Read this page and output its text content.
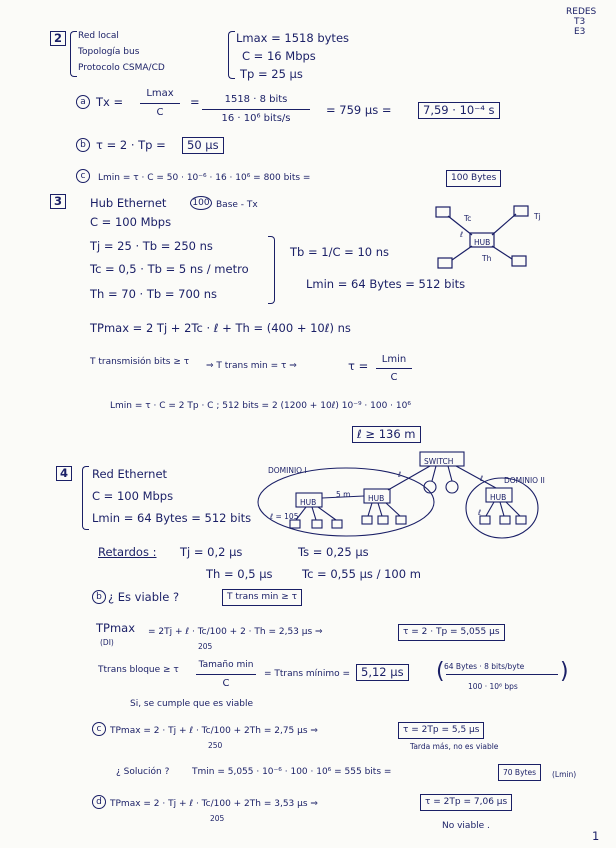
REDES
T3
E3
2	Red local
Topología bus
Protocolo CSMA/CD
Lmax = 1518 bytes
C = 16 Mbps
Tp = 25 μs
a Tx =
Lmax
C
=	1518 · 8 bits
16 · 10⁶ bits/s
= 759 μs =	7,59 · 10⁻⁴ s
b τ = 2 · Tp =	50 μs
c	Lmin = τ · C = 50 · 10⁻⁶ · 16 · 10⁶ = 800 bits =	100 Bytes
3	Hub Ethernet	100 Base - Tx
C = 100 Mbps
Tj = 25 · Tb = 250 ns
Tc = 0,5 · Tb = 5 ns / metro
Th = 70 · Tb = 700 ns
Tb = 1/C = 10 ns
Lmin = 64 Bytes = 512 bits
HUB
Tc	Tj
Th
ℓ
TPmax = 2 Tj + 2Tc · ℓ + Th = (400 + 10ℓ) ns
T transmisión bits ≥ τ ⇒ T trans min = τ ⇒	τ =	Lmin
C
Lmin = τ · C = 2 Tp · C ; 512 bits = 2 (1200 + 10ℓ) 10⁻⁹ · 100 · 10⁶
ℓ ≥ 136 m
4	Red Ethernet
C = 100 Mbps
Lmin = 64 Bytes = 512 bits
SWITCH
DOMINIO I
DOMINIO II
HUB	HUB	HUB
5 m
ℓ	ℓ
ℓ = 105	ℓ
Retardos : Tj = 0,2 μs	Ts = 0,25 μs
Th = 0,5 μs	Tc = 0,55 μs / 100 m
b ¿ Es viable ?	T trans min ≥ τ
TPmax
(DI)
= 2Tj + ℓ · Tc/100 + 2 · Th = 2,53 μs ⇒
205
τ = 2 · Tp = 5,055 μs
Ttrans bloque ≥ τ	Tamaño min
C
= Ttrans mínimo = 5,12 μs ( 64 Bytes · 8 bits/byte
100 · 10⁶ bps
)
Si, se cumple que es viable
c TPmax = 2 · Tj + ℓ · Tc/100 + 2Th = 2,75 μs ⇒
250
τ = 2Tp = 5,5 μs
Tarda más, no es viable
¿ Solución ?	Tmin = 5,055 · 10⁻⁶ · 100 · 10⁶ = 555 bits =	70 Bytes	(Lmin)
d TPmax = 2 · Tj + ℓ · Tc/100 + 2Th = 3,53 μs ⇒
205
τ = 2Tp = 7,06 μs
No viable .
1
